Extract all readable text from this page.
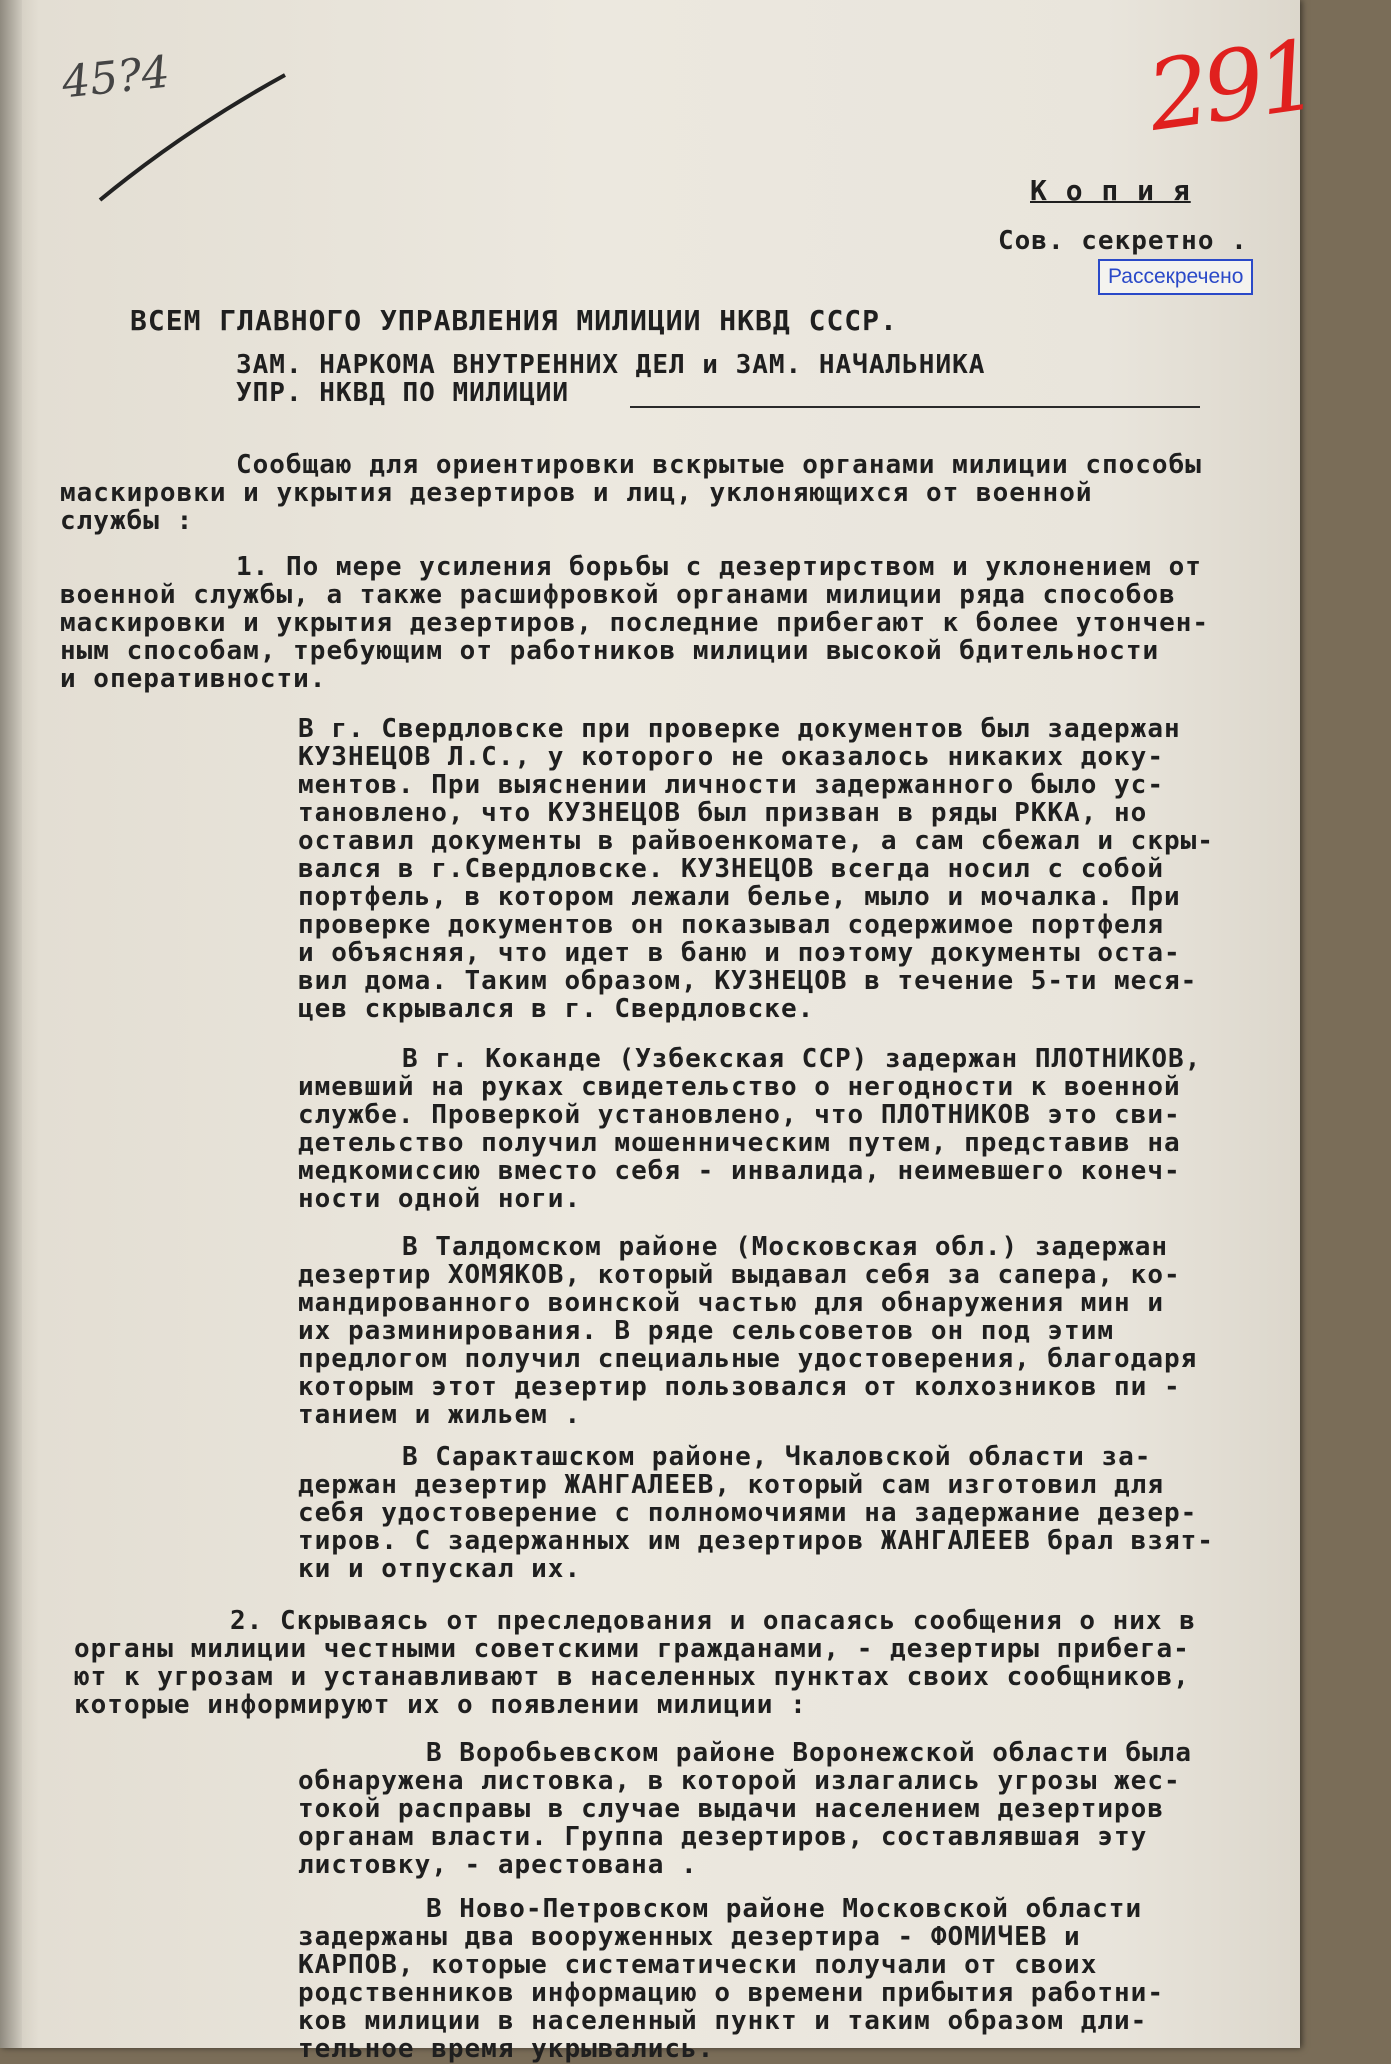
45?4	291
К о п и я
Сов. секретно .
Рассекречено
ВСЕМ ГЛАВНОГО УПРАВЛЕНИЯ МИЛИЦИИ НКВД СССР.
ЗАМ. НАРКОМА ВНУТРЕННИХ ДЕЛ и ЗАМ. НАЧАЛЬНИКА
УПР. НКВД ПО МИЛИЦИИ
Сообщаю для ориентировки вскрытые органами милиции способы
маскировки и укрытия дезертиров и лиц, уклоняющихся от военной
службы :
1. По мере усиления борьбы с дезертирством и уклонением от
военной службы, а также расшифровкой органами милиции ряда способов
маскировки и укрытия дезертиров, последние прибегают к более утончен-
ным способам, требующим от работников милиции высокой бдительности
и оперативности.
В г. Свердловске при проверке документов был задержан
КУЗНЕЦОВ Л.С., у которого не оказалось никаких доку-
ментов. При выяснении личности задержанного было ус-
тановлено, что КУЗНЕЦОВ был призван в ряды РККА, но
оставил документы в райвоенкомате, а сам сбежал и скры-
вался в г.Свердловске. КУЗНЕЦОВ всегда носил с собой
портфель, в котором лежали белье, мыло и мочалка. При
проверке документов он показывал содержимое портфеля
и объясняя, что идет в баню и поэтому документы оста-
вил дома. Таким образом, КУЗНЕЦОВ в течение 5-ти меся-
цев скрывался в г. Свердловске.
В г. Коканде (Узбекская ССР) задержан ПЛОТНИКОВ,
имевший на руках свидетельство о негодности к военной
службе. Проверкой установлено, что ПЛОТНИКОВ это сви-
детельство получил мошенническим путем, представив на
медкомиссию вместо себя - инвалида, неимевшего конеч-
ности одной ноги.
В Талдомском районе (Московская обл.) задержан
дезертир ХОМЯКОВ, который выдавал себя за сапера, ко-
мандированного воинской частью для обнаружения мин и
их разминирования. В ряде сельсоветов он под этим
предлогом получил специальные удостоверения, благодаря
которым этот дезертир пользовался от колхозников пи -
танием и жильем .
В Саракташском районе, Чкаловской области за-
держан дезертир ЖАНГАЛЕЕВ, который сам изготовил для
себя удостоверение с полномочиями на задержание дезер-
тиров. С задержанных им дезертиров ЖАНГАЛЕЕВ брал взят-
ки и отпускал их.
2. Скрываясь от преследования и опасаясь сообщения о них в
органы милиции честными советскими гражданами, - дезертиры прибега-
ют к угрозам и устанавливают в населенных пунктах своих сообщников,
которые информируют их о появлении милиции :
В Воробьевском районе Воронежской области была
обнаружена листовка, в которой излагались угрозы жес-
токой расправы в случае выдачи населением дезертиров
органам власти. Группа дезертиров, составлявшая эту
листовку, - арестована .
В Ново-Петровском районе Московской области
задержаны два вооруженных дезертира - ФОМИЧЕВ и
КАРПОВ, которые систематически получали от своих
родственников информацию о времени прибытия работни-
ков милиции в населенный пункт и таким образом дли-
тельное время укрывались.
